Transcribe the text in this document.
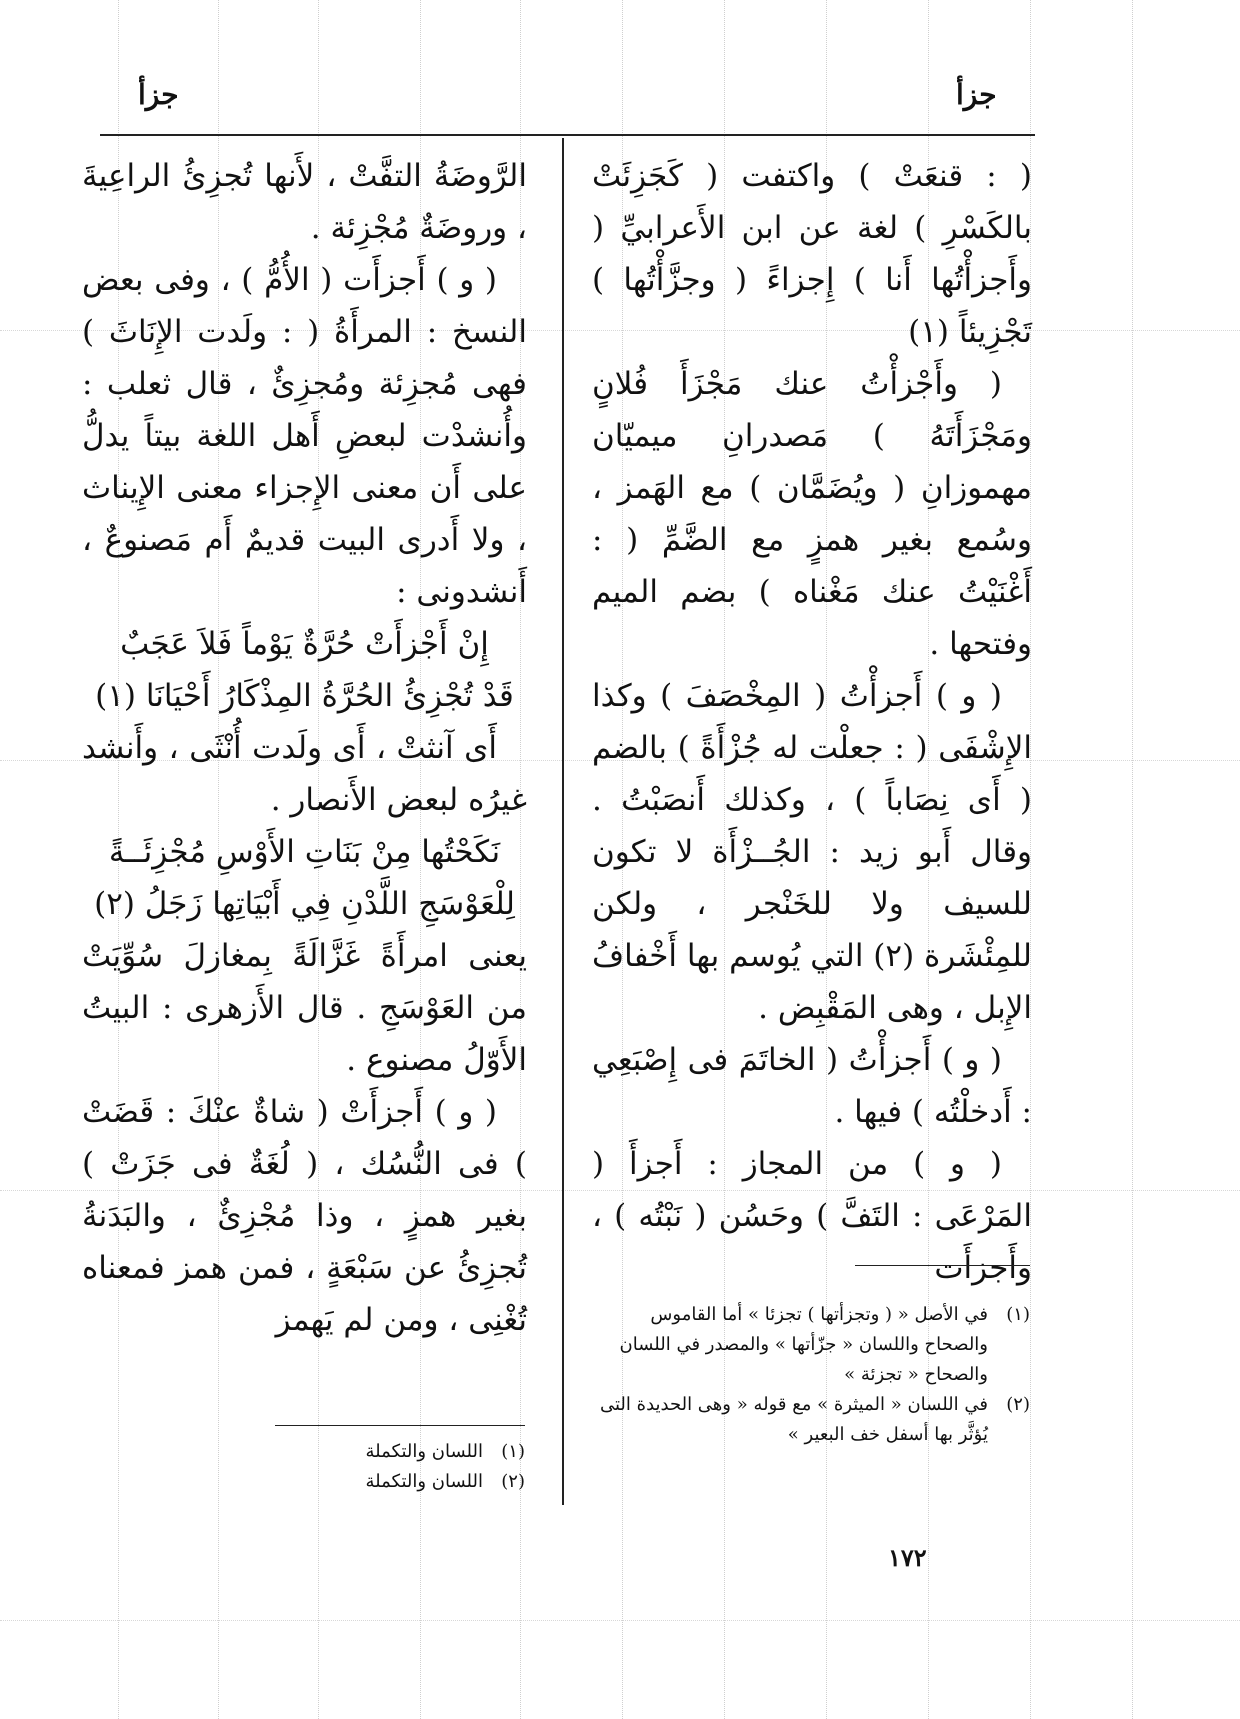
جزأ
جزأ

( : قنعَتْ ) واكتفت ( كَجَزِئَتْ بالكَسْرِ ) لغة عن ابن الأَعرابيِّ ( وأَجزأْتُها أَنا ) إِجزاءً ( وجزَّأْتُها ) تَجْزِيئاً (١)

( وأَجْزأْتُ عنك مَجْزَأَ فُلانٍ ومَجْزَأَتَهُ ) مَصدرانِ ميميّان مهموزانِ ( ويُضَمَّان ) مع الهَمز ، وسُمع بغير همزٍ مع الضَّمِّ ( : أَغْنَيْتُ عنك مَغْناه ) بضم الميم وفتحها .

( و ) أَجزأْتُ ( المِخْصَفَ ) وكذا الإِشْفَى ( : جعلْت له جُزْأَةً ) بالضم ( أَى نِصَاباً ) ، وكذلك أَنصَبْتُ . وقال أَبو زيد : الجُــزْأَة لا تكون للسيف ولا للخَنْجر ، ولكن للمِئْشَرة (٢) التي يُوسم بها أَخْفافُ الإِبل ، وهى المَقْبِض .

( و ) أَجزأْتُ ( الخاتَمَ فى إِصْبَعِي : أَدخلْتُه ) فيها .

( و ) من المجاز : أَجزأَ ( المَرْعَى : التَفَّ ) وحَسُن ( نَبْتُه ) ، وأَجزأَت

الرَّوضَةُ التفَّتْ ، لأَنها تُجزِئُ الراعِيةَ ، وروضَةٌ مُجْزِئة .

( و ) أَجزأَت ( الأُمُّ ) ، وفى بعض النسخ : المرأَةُ ( : ولَدت الإِنَاثَ ) فهى مُجزِئة ومُجزِئٌ ، قال ثعلب : وأُنشدْت لبعضِ أَهل اللغة بيتاً يدلُّ على أَن معنى الإِجزاء معنى الإِيناث ، ولا أَدرى البيت قديمٌ أَم مَصنوعٌ ، أَنشدونى :

إِنْ أَجْزأَتْ حُرَّةٌ يَوْماً فَلاَ عَجَبٌ

قَدْ تُجْزِئُ الحُرَّةُ المِذْكَارُ أَحْيَانَا (١)

أَى آنثتْ ، أَى ولَدت أُنْثَى ، وأَنشد غيرُه لبعض الأَنصار .

نَكَحْتُها مِنْ بَنَاتِ الأَوْسِ مُجْزِئَــةً

لِلْعَوْسَجِ اللَّدْنِ فِي أَبْيَاتِها زَجَلُ (٢)

يعنى امرأَةً غَزَّالَةً بِمغازلَ سُوِّيَتْ من العَوْسَجِ . قال الأَزهرى : البيتُ الأَوّلُ مصنوع .

( و ) أَجزأَتْ ( شاةٌ عنْكَ : قَضَتْ ) فى النُّسُك ، ( لُغَةٌ فى جَزَتْ ) بغير همزٍ ، وذا مُجْزِئٌ ، والبَدَنةُ تُجزِئُ عن سَبْعَةٍ ، فمن همز فمعناه تُغْنِى ، ومن لم يَهمز	(١)
في الأصل « ( وتجزأتها ) تجزئا » أما القاموس والصحاح واللسان « جزّأتها » والمصدر في اللسان والصحاح « تجزئة »
(٢)
في اللسان « الميثرة » مع قوله « وهى الحديدة التى يُؤثَّر بها أسفل خف البعير »
(١)
اللسان والتكملة
(٢)
اللسان والتكملة
١٧٢
